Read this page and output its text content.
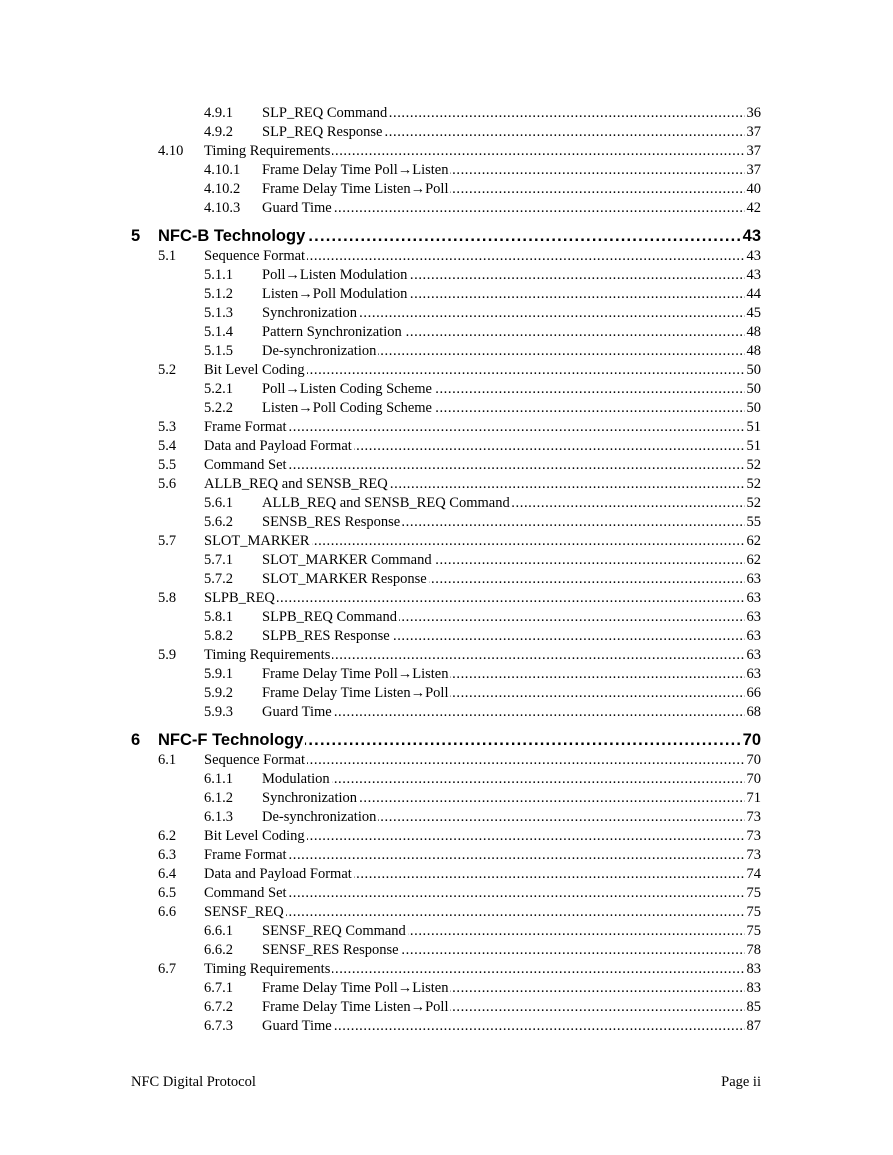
4.9.1 ..... SLP_REQ Command	36
4.9.2 ..... SLP_REQ Response	37
4.10 ..... Timing Requirements	37
4.10.1 ..... Frame Delay Time Poll→Listen	37
4.10.2 ..... Frame Delay Time Listen→Poll	40
4.10.3 ..... Guard Time	42
5 ..... NFC-B Technology	43
5.1 ..... Sequence Format	43
5.1.1 ..... Poll→Listen Modulation	43
5.1.2 ..... Listen→Poll Modulation	44
5.1.3 ..... Synchronization	45
5.1.4 ..... Pattern Synchronization	48
5.1.5 ..... De-synchronization	48
5.2 ..... Bit Level Coding	50
5.2.1 ..... Poll→Listen Coding Scheme	50
5.2.2 ..... Listen→Poll Coding Scheme	50
5.3 ..... Frame Format	51
5.4 ..... Data and Payload Format	51
5.5 ..... Command Set	52
5.6 ..... ALLB_REQ and SENSB_REQ	52
5.6.1 ..... ALLB_REQ and SENSB_REQ Command	52
5.6.2 ..... SENSB_RES Response	55
5.7 ..... SLOT_MARKER	62
5.7.1 ..... SLOT_MARKER Command	62
5.7.2 ..... SLOT_MARKER Response	63
5.8 ..... SLPB_REQ	63
5.8.1 ..... SLPB_REQ Command	63
5.8.2 ..... SLPB_RES Response	63
5.9 ..... Timing Requirements	63
5.9.1 ..... Frame Delay Time Poll→Listen	63
5.9.2 ..... Frame Delay Time Listen→Poll	66
5.9.3 ..... Guard Time	68
6 ..... NFC-F Technology	70
6.1 ..... Sequence Format	70
6.1.1 ..... Modulation	70
6.1.2 ..... Synchronization	71
6.1.3 ..... De-synchronization	73
6.2 ..... Bit Level Coding	73
6.3 ..... Frame Format	73
6.4 ..... Data and Payload Format	74
6.5 ..... Command Set	75
6.6 ..... SENSF_REQ	75
6.6.1 ..... SENSF_REQ Command	75
6.6.2 ..... SENSF_RES Response	78
6.7 ..... Timing Requirements	83
6.7.1 ..... Frame Delay Time Poll→Listen	83
6.7.2 ..... Frame Delay Time Listen→Poll	85
6.7.3 ..... Guard Time	87
NFC Digital Protocol	Page ii
